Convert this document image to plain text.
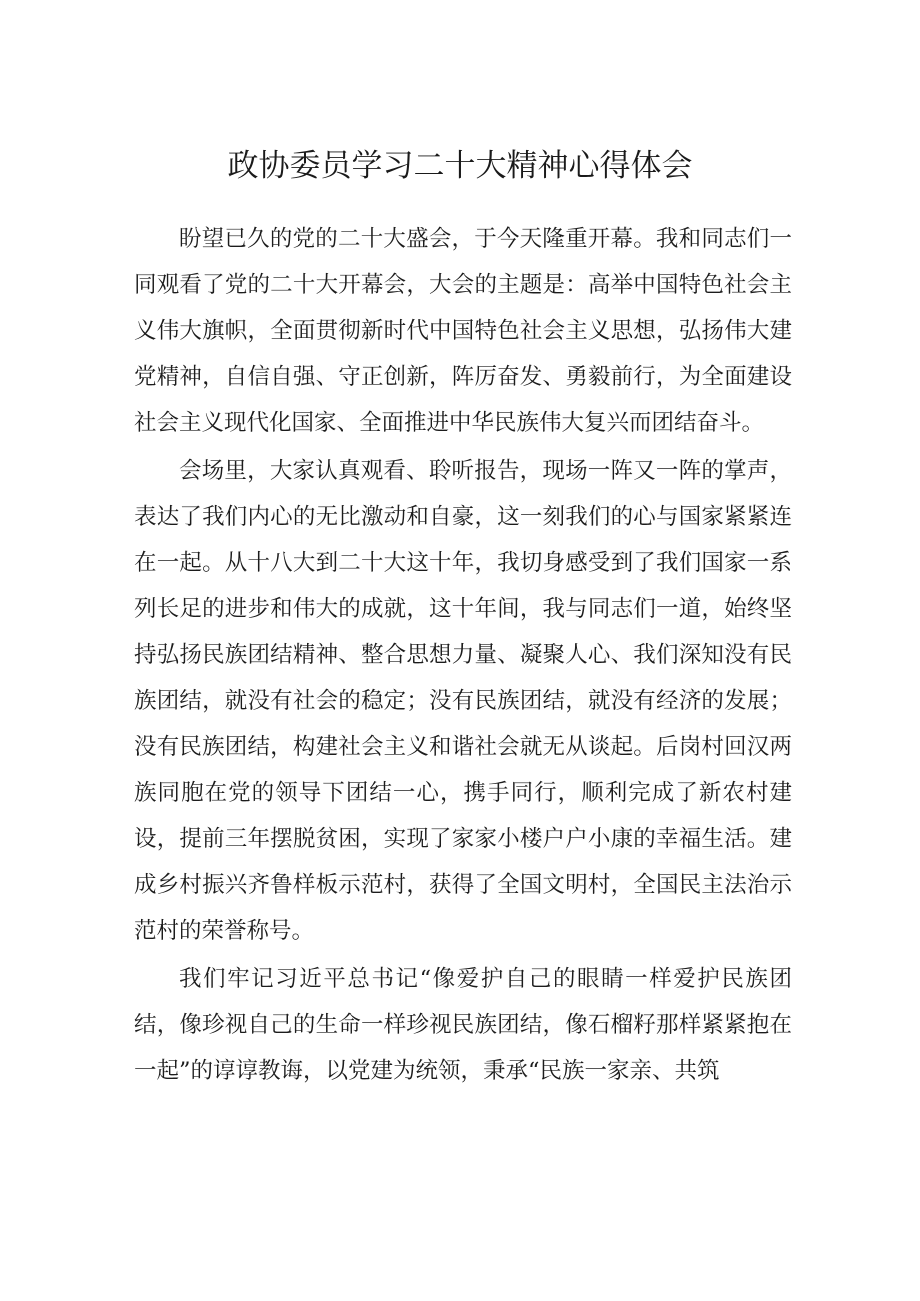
政协委员学习二十大精神心得体会

盼望已久的党的二十大盛会，于今天隆重开幕。我和同志们一同观看了党的二十大开幕会，大会的主题是：高举中国特色社会主义伟大旗帜，全面贯彻新时代中国特色社会主义思想，弘扬伟大建党精神，自信自强、守正创新，阵厉奋发、勇毅前行，为全面建设社会主义现代化国家、全面推进中华民族伟大复兴而团结奋斗。

会场里，大家认真观看、聆听报告，现场一阵又一阵的掌声，表达了我们内心的无比激动和自豪，这一刻我们的心与国家紧紧连在一起。从十八大到二十大这十年，我切身感受到了我们国家一系列长足的进步和伟大的成就，这十年间，我与同志们一道，始终坚持弘扬民族团结精神、整合思想力量、凝聚人心、我们深知没有民族团结，就没有社会的稳定；没有民族团结，就没有经济的发展；没有民族团结，构建社会主义和谐社会就无从谈起。后岗村回汉两族同胞在党的领导下团结一心，携手同行，顺利完成了新农村建设，提前三年摆脱贫困，实现了家家小楼户户小康的幸福生活。建成乡村振兴齐鲁样板示范村，获得了全国文明村，全国民主法治示范村的荣誉称号。

我们牢记习近平总书记“像爱护自己的眼睛一样爱护民族团结，像珍视自己的生命一样珍视民族团结，像石榴籽那样紧紧抱在一起”的谆谆教诲，以党建为统领，秉承“民族一家亲、共筑
